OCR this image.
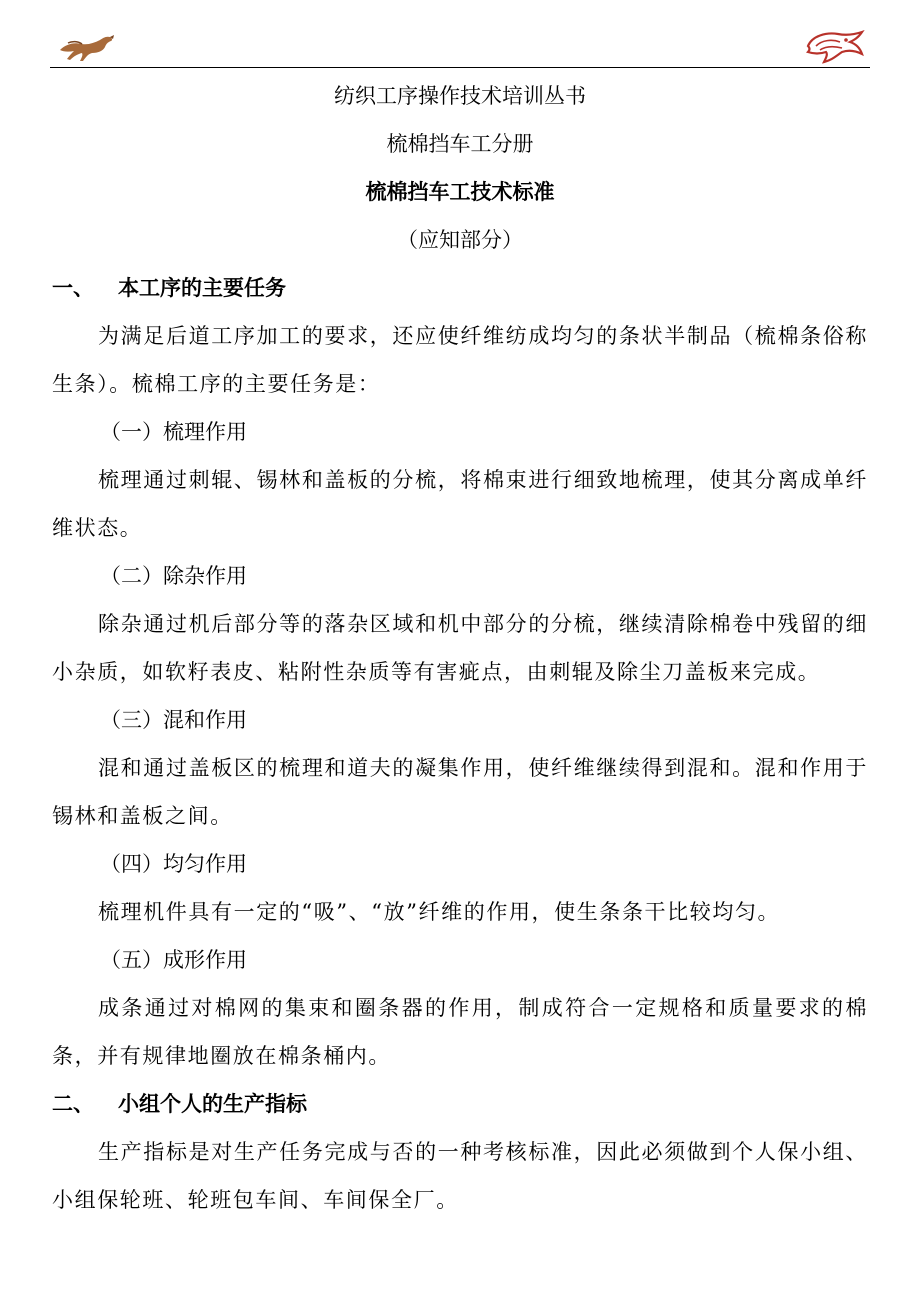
纺织工序操作技术培训丛书
梳棉挡车工分册
梳棉挡车工技术标准
（应知部分）
一、	本工序的主要任务
为满足后道工序加工的要求，还应使纤维纺成均匀的条状半制品（梳棉条俗称生条）。梳棉工序的主要任务是：
（一）梳理作用
梳理通过刺辊、锡林和盖板的分梳，将棉束进行细致地梳理，使其分离成单纤维状态。
（二）除杂作用
除杂通过机后部分等的落杂区域和机中部分的分梳，继续清除棉卷中残留的细小杂质，如软籽表皮、粘附性杂质等有害疵点，由刺辊及除尘刀盖板来完成。
（三）混和作用
混和通过盖板区的梳理和道夫的凝集作用，使纤维继续得到混和。混和作用于锡林和盖板之间。
（四）均匀作用
梳理机件具有一定的“吸”、“放”纤维的作用，使生条条干比较均匀。
（五）成形作用
成条通过对棉网的集束和圈条器的作用，制成符合一定规格和质量要求的棉条，并有规律地圈放在棉条桶内。
二、	小组个人的生产指标
生产指标是对生产任务完成与否的一种考核标准，因此必须做到个人保小组、小组保轮班、轮班包车间、车间保全厂。
